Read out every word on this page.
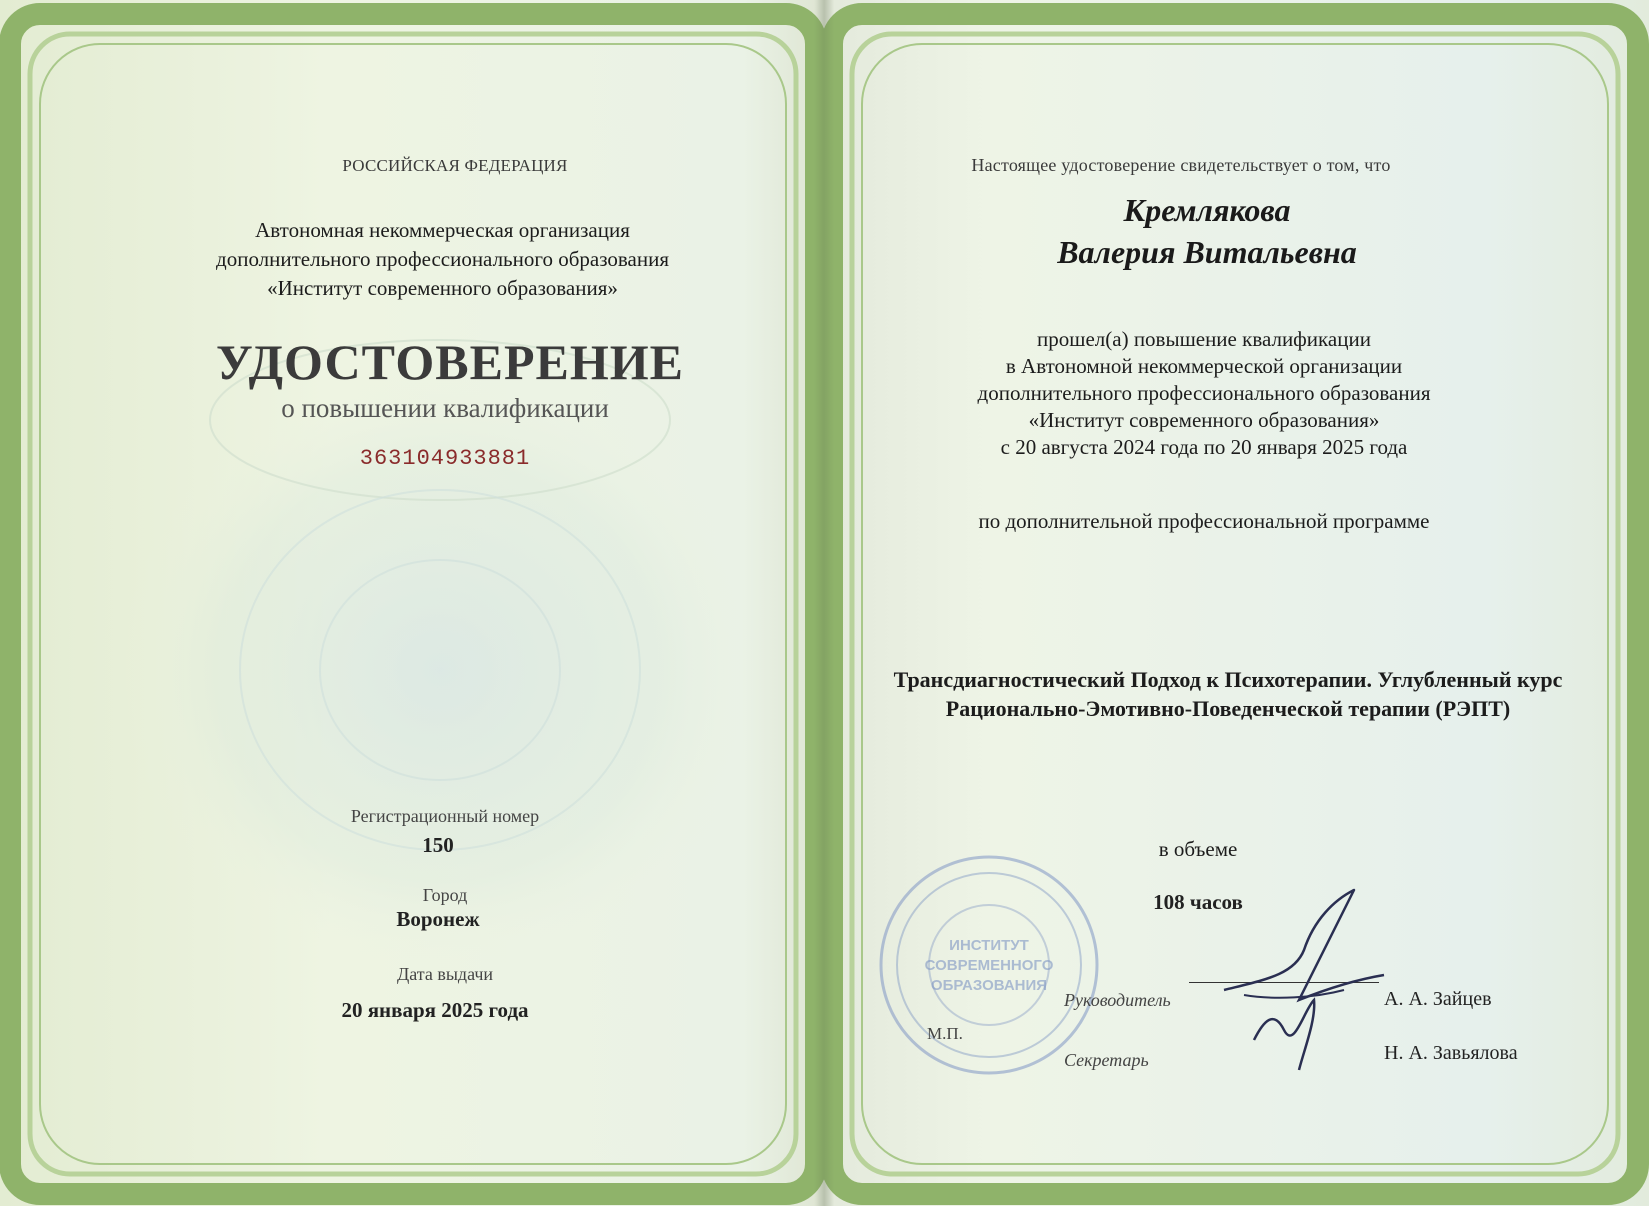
РОССИЙСКАЯ ФЕДЕРАЦИЯ
Автономная некоммерческая организация
дополнительного профессионального образования
«Институт современного образования»
УДОСТОВЕРЕНИЕ
о повышении квалификации
363104933881
Регистрационный номер
150
Город
Воронеж
Дата выдачи
20 января 2025 года
Настоящее удостоверение свидетельствует о том, что
Кремлякова
Валерия Витальевна
прошел(а) повышение квалификации
в Автономной некоммерческой организации
дополнительного профессионального образования
«Институт современного образования»
с 20 августа 2024 года по 20 января 2025 года
по дополнительной профессиональной программе
Трансдиагностический Подход к Психотерапии. Углубленный курс
Рационально-Эмотивно-Поведенческой терапии (РЭПТ)
в объеме
108 часов
ИНСТИТУТ
СОВРЕМЕННОГО
ОБРАЗОВАНИЯ
М.П.
Руководитель
Секретарь
А. А. Зайцев
Н. А. Завьялова
